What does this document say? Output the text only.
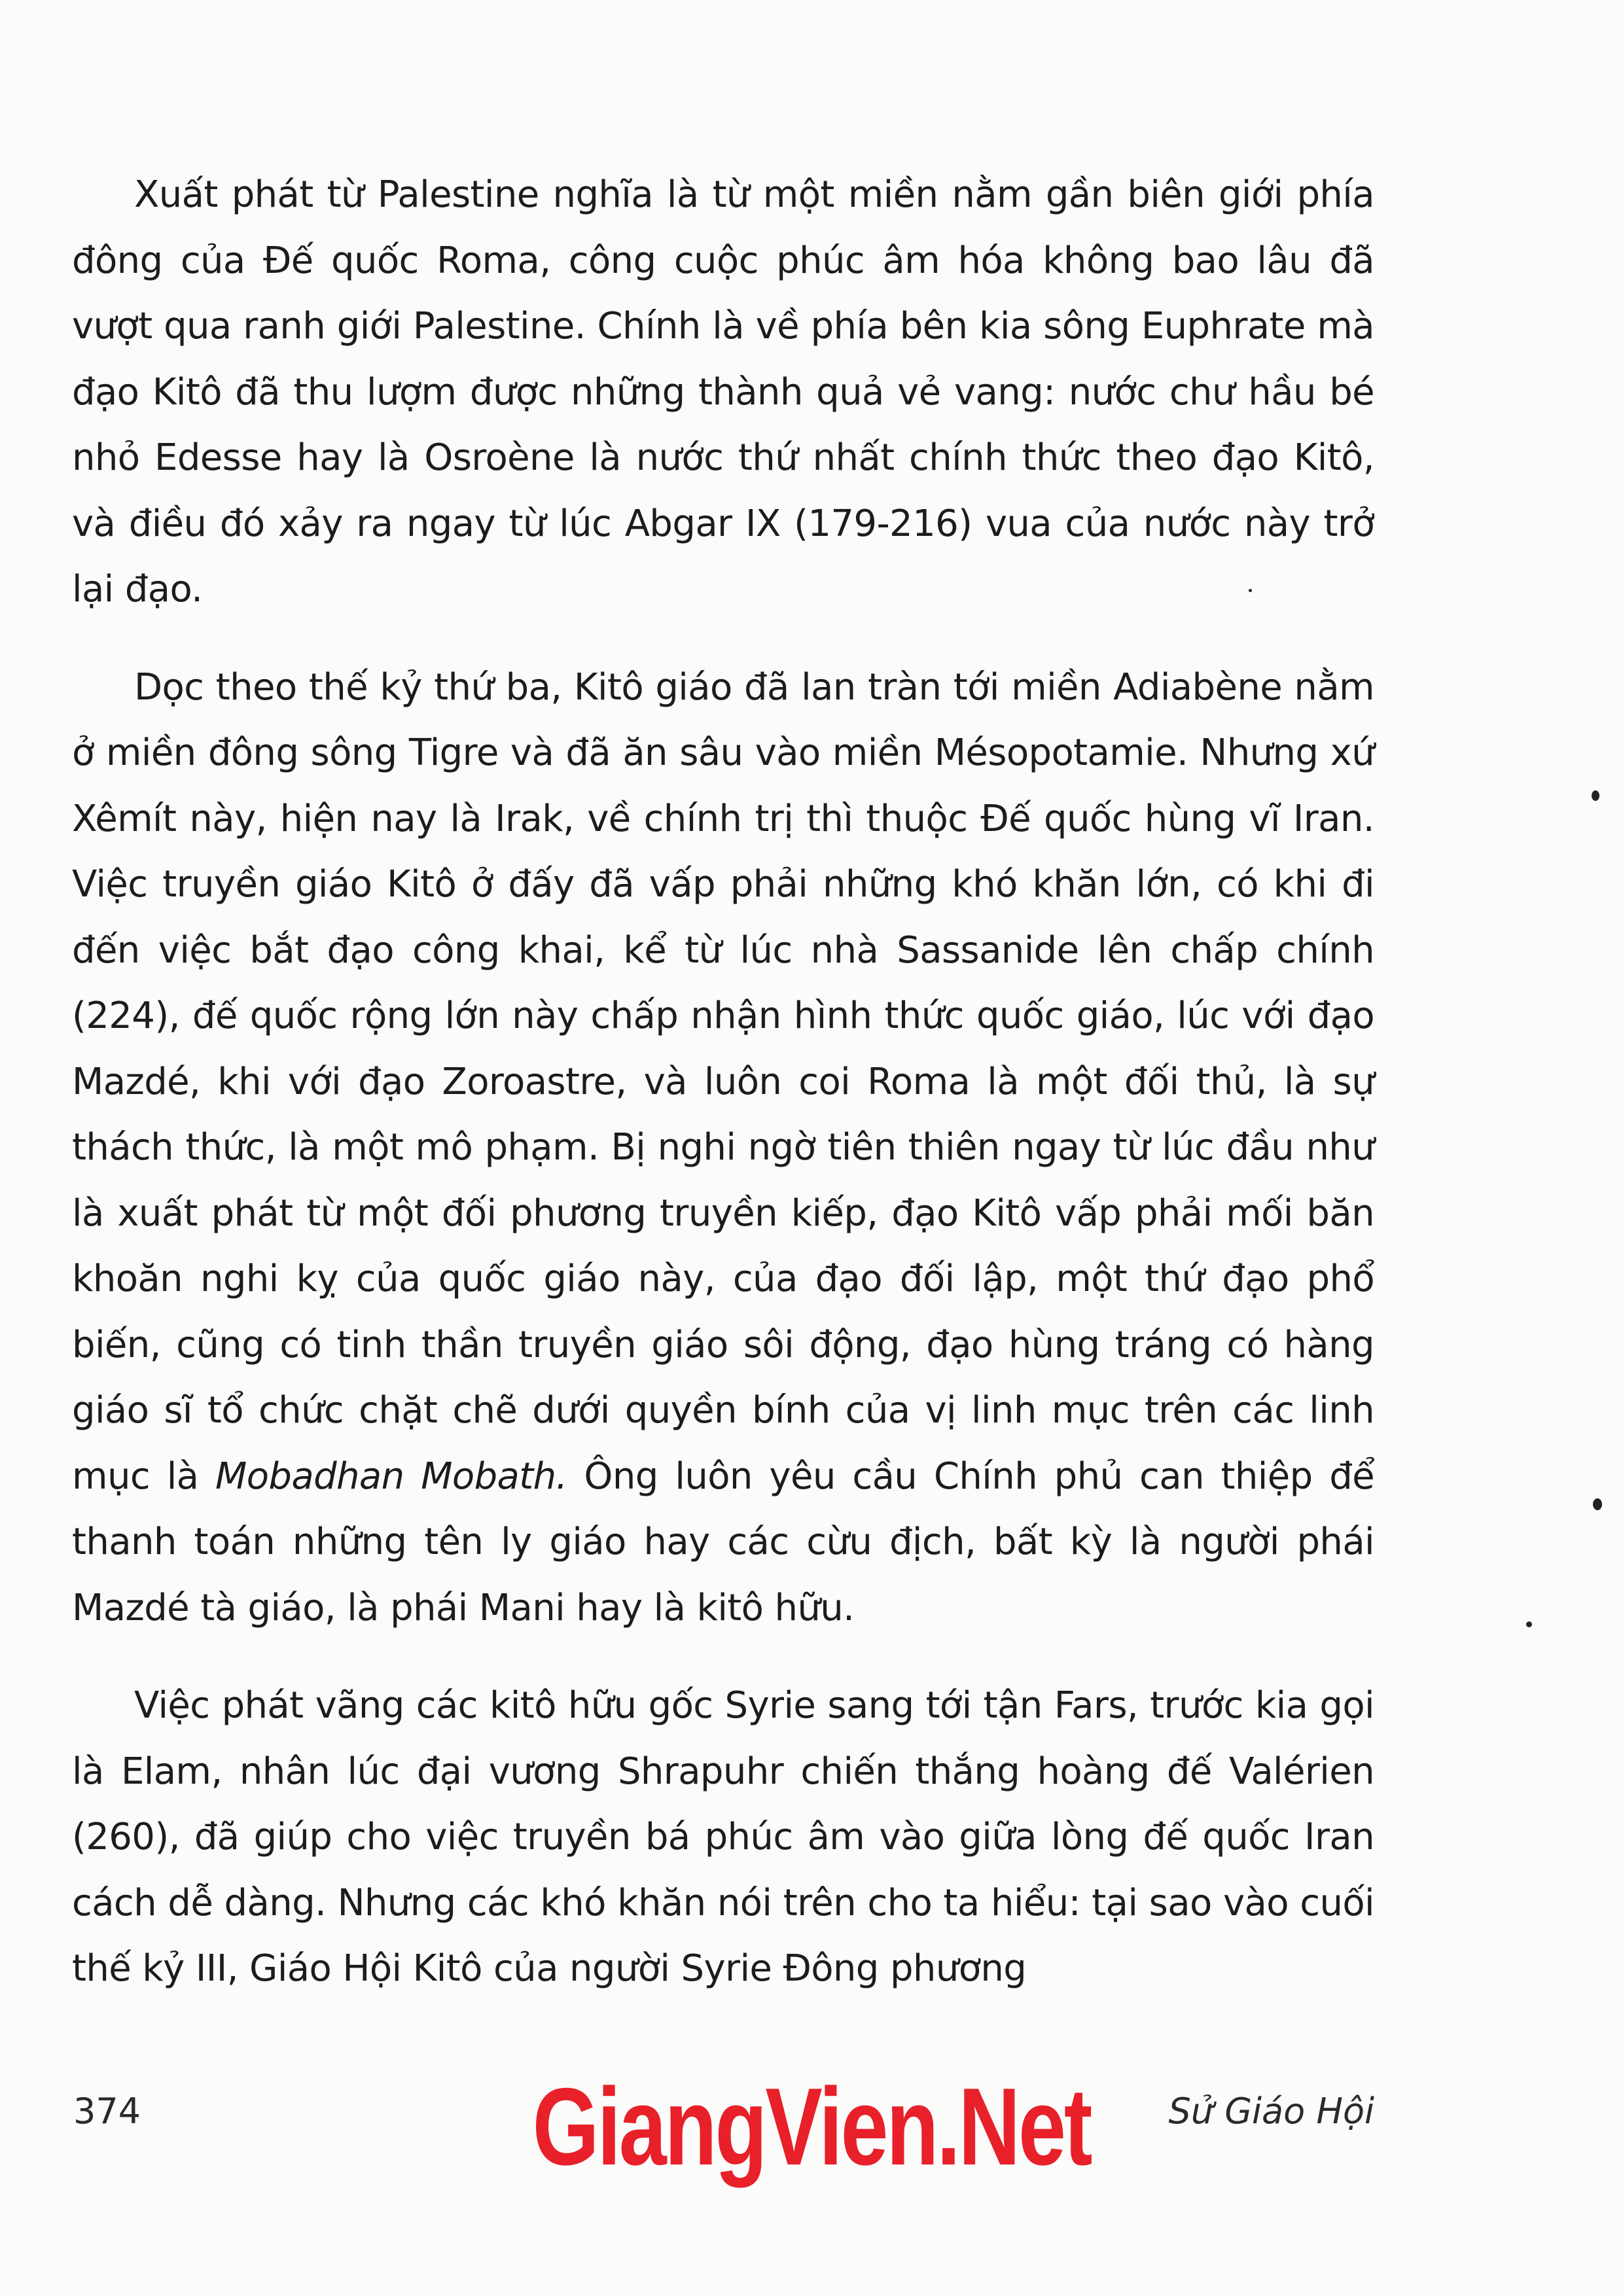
Xuất phát từ Palestine nghĩa là từ một miền nằm gần biên giới phía đông của Đế quốc Roma, công cuộc phúc âm hóa không bao lâu đã vượt qua ranh giới Palestine. Chính là về phía bên kia sông Euphrate mà đạo Kitô đã thu lượm được những thành quả vẻ vang: nước chư hầu bé nhỏ Edesse hay là Osroène là nước thứ nhất chính thức theo đạo Kitô, và điều đó xảy ra ngay từ lúc Abgar IX (179-216) vua của nước này trở lại đạo.

Dọc theo thế kỷ thứ ba, Kitô giáo đã lan tràn tới miền Adiabène nằm ở miền đông sông Tigre và đã ăn sâu vào miền Mésopotamie. Nhưng xứ Xêmít này, hiện nay là Irak, về chính trị thì thuộc Đế quốc hùng vĩ Iran. Việc truyền giáo Kitô ở đấy đã vấp phải những khó khăn lớn, có khi đi đến việc bắt đạo công khai, kể từ lúc nhà Sassanide lên chấp chính (224), đế quốc rộng lớn này chấp nhận hình thức quốc giáo, lúc với đạo Mazdé, khi với đạo Zoroastre, và luôn coi Roma là một đối thủ, là sự thách thức, là một mô phạm. Bị nghi ngờ tiên thiên ngay từ lúc đầu như là xuất phát từ một đối phương truyền kiếp, đạo Kitô vấp phải mối băn khoăn nghi kỵ của quốc giáo này, của đạo đối lập, một thứ đạo phổ biến, cũng có tinh thần truyền giáo sôi động, đạo hùng tráng có hàng giáo sĩ tổ chức chặt chẽ dưới quyền bính của vị linh mục trên các linh mục là Mobadhan Mobath. Ông luôn yêu cầu Chính phủ can thiệp để thanh toán những tên ly giáo hay các cừu địch, bất kỳ là người phái Mazdé tà giáo, là phái Mani hay là kitô hữu.

Việc phát vãng các kitô hữu gốc Syrie sang tới tận Fars, trước kia gọi là Elam, nhân lúc đại vương Shrapuhr chiến thắng hoàng đế Valérien (260), đã giúp cho việc truyền bá phúc âm vào giữa lòng đế quốc Iran cách dễ dàng. Nhưng các khó khăn nói trên cho ta hiểu: tại sao vào cuối thế kỷ III, Giáo Hội Kitô của người Syrie Đông phương

374	Sử Giáo Hội
GiangVien.Net
